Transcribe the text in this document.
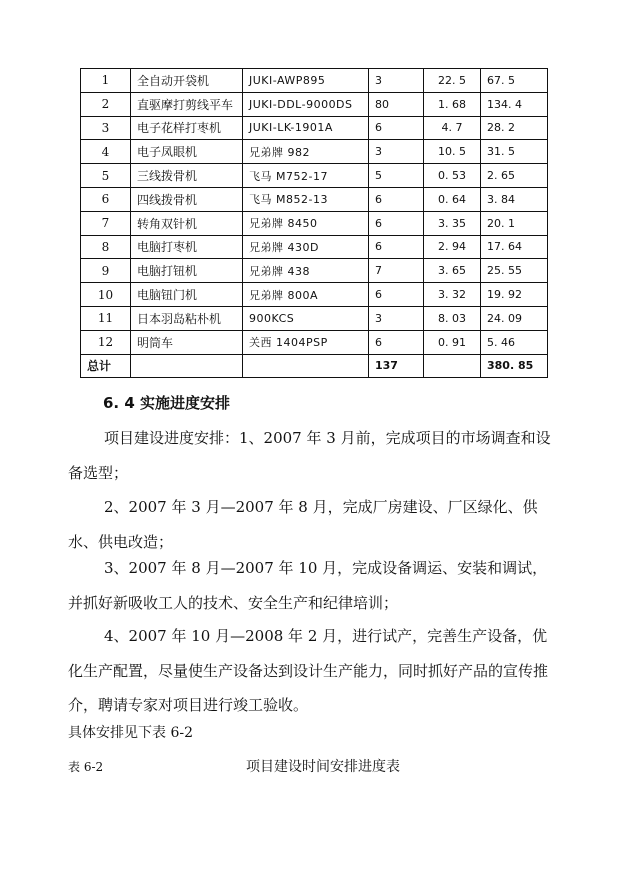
1	全自动开袋机	JUKI-AWP895	3	22. 5	67. 5
2	直驱摩打剪线平车	JUKI-DDL-9000DS	80	1. 68	134. 4
3	电子花样打枣机	JUKI-LK-1901A	6	4. 7	28. 2
4	电子凤眼机	兄弟牌 982	3	10. 5	31. 5
5	三线拨骨机	飞马 M752-17	5	0. 53	2. 65
6	四线拨骨机	飞马 M852-13	6	0. 64	3. 84
7	转角双针机	兄弟牌 8450	6	3. 35	20. 1
8	电脑打枣机	兄弟牌 430D	6	2. 94	17. 64
9	电脑打钮机	兄弟牌 438	7	3. 65	25. 55
10	电脑钮门机	兄弟牌 800A	6	3. 32	19. 92
11	日本羽岛粘朴机	900KCS	3	8. 03	24. 09
12	明筒车	关西 1404PSP	6	0. 91	5. 46
总计			137		380. 85
6. 4 实施进度安排

项目建设进度安排：1、2007 年 3 月前，完成项目的市场调查和设备选型；

2、2007 年 3 月—2007 年 8 月，完成厂房建设、厂区绿化、供水、供电改造；

3、2007 年 8 月—2007 年 10 月，完成设备调运、安装和调试，并抓好新吸收工人的技术、安全生产和纪律培训；

4、2007 年 10 月—2008 年 2 月，进行试产，完善生产设备，优化生产配置，尽量使生产设备达到设计生产能力，同时抓好产品的宣传推介，聘请专家对项目进行竣工验收。

具体安排见下表 6-2
表 6-2	项目建设时间安排进度表
